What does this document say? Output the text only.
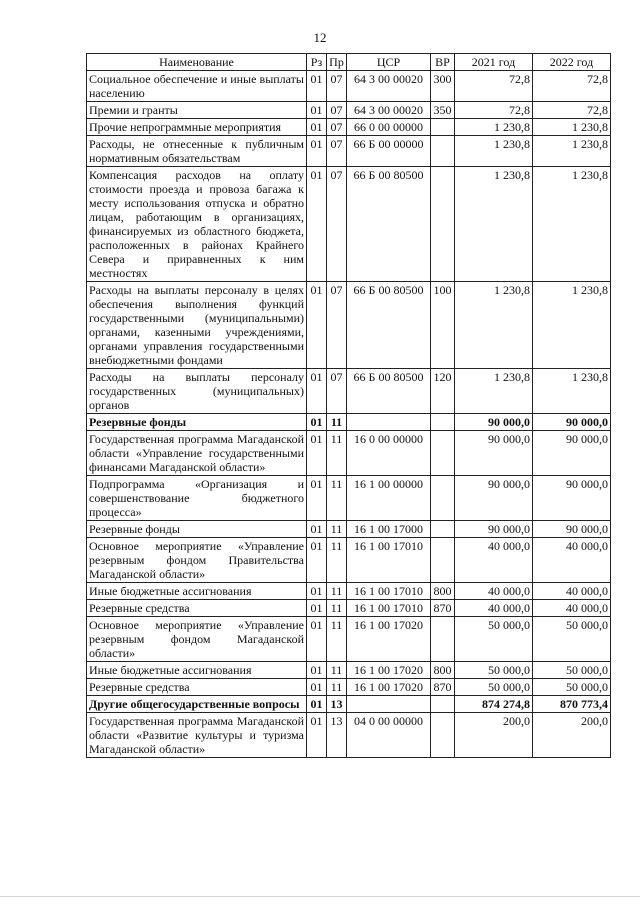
12
Наименование	Рз	Пр	ЦСР	ВР	2021 год	2022 год
Социальное обеспечение и иные выплаты населению	01	07	64 3 00 00020	300	72,8	72,8
Премии и гранты	01	07	64 3 00 00020	350	72,8	72,8
Прочие непрограммные мероприятия	01	07	66 0 00 00000		1 230,8	1 230,8
Расходы, не отнесенные к публичным нормативным обязательствам	01	07	66 Б 00 00000		1 230,8	1 230,8
Компенсация расходов на оплату стоимости проезда и провоза багажа к месту использования отпуска и обратно лицам, работающим в организациях, финансируемых из областного бюджета, расположенных в районах Крайнего Севера и приравненных к ним местностях	01	07	66 Б 00 80500		1 230,8	1 230,8
Расходы на выплаты персоналу в целях обеспечения выполнения функций государственными (муниципальными) органами, казенными учреждениями, органами управления государственными внебюджетными фондами	01	07	66 Б 00 80500	100	1 230,8	1 230,8
Расходы на выплаты персоналу государственных (муниципальных) органов	01	07	66 Б 00 80500	120	1 230,8	1 230,8
Резервные фонды	01	11			90 000,0	90 000,0
Государственная программа Магаданской области «Управление государственными финансами Магаданской области»	01	11	16 0 00 00000		90 000,0	90 000,0
Подпрограмма «Организация и совершенствование бюджетного процесса»	01	11	16 1 00 00000		90 000,0	90 000,0
Резервные фонды	01	11	16 1 00 17000		90 000,0	90 000,0
Основное мероприятие «Управление резервным фондом Правительства Магаданской области»	01	11	16 1 00 17010		40 000,0	40 000,0
Иные бюджетные ассигнования	01	11	16 1 00 17010	800	40 000,0	40 000,0
Резервные средства	01	11	16 1 00 17010	870	40 000,0	40 000,0
Основное мероприятие «Управление резервным фондом Магаданской области»	01	11	16 1 00 17020		50 000,0	50 000,0
Иные бюджетные ассигнования	01	11	16 1 00 17020	800	50 000,0	50 000,0
Резервные средства	01	11	16 1 00 17020	870	50 000,0	50 000,0
Другие общегосударственные вопросы	01	13			874 274,8	870 773,4
Государственная программа Магаданской области «Развитие культуры и туризма Магаданской области»	01	13	04 0 00 00000		200,0	200,0
